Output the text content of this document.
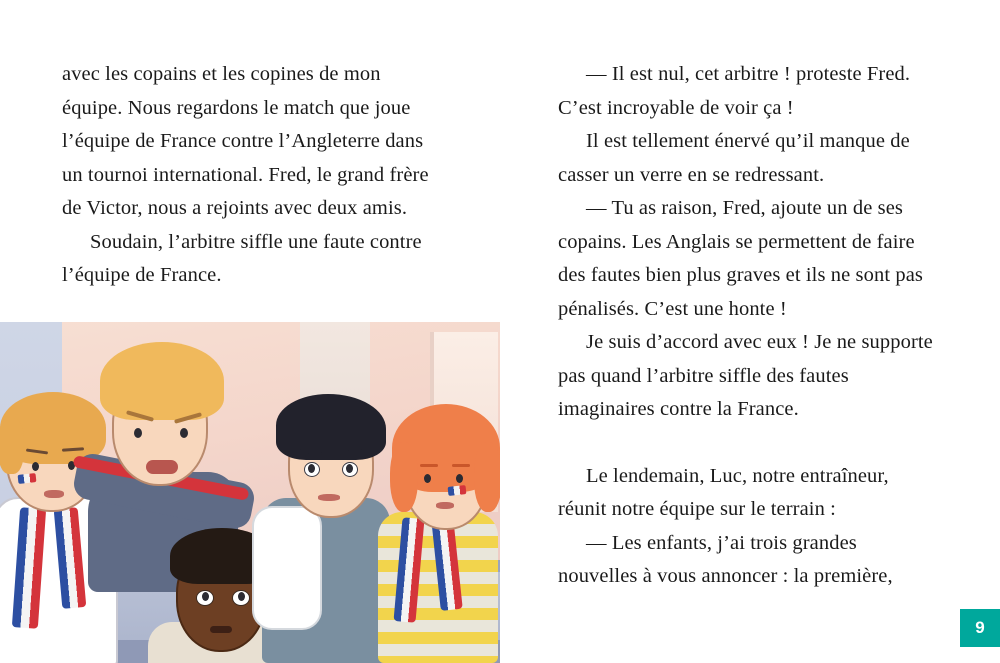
avec les copains et les copines de mon équipe. Nous regardons le match que joue l’équipe de France contre l’Angleterre dans un tournoi international. Fred, le grand frère de Victor, nous a rejoints avec deux amis.

Soudain, l’arbitre siffle une faute contre l’équipe de France.

— Il est nul, cet arbitre ! proteste Fred. C’est incroyable de voir ça !

Il est tellement énervé qu’il manque de casser un verre en se redressant.

— Tu as raison, Fred, ajoute un de ses copains. Les Anglais se permettent de faire des fautes bien plus graves et ils ne sont pas pénalisés. C’est une honte !

Je suis d’accord avec eux ! Je ne supporte pas quand l’arbitre siffle des fautes imaginaires contre la France.

Le lendemain, Luc, notre entraîneur, réunit notre équipe sur le terrain :

— Les enfants, j’ai trois grandes nouvelles à vous annoncer : la première,

9
